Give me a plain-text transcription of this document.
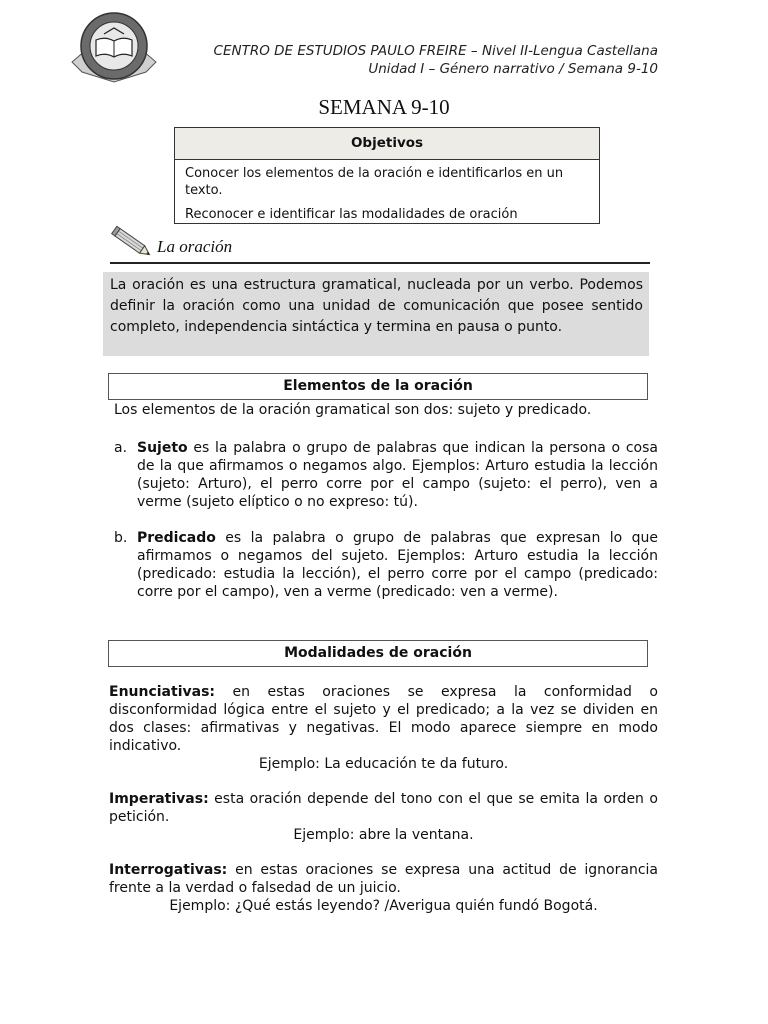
CENTRO DE ESTUDIOS PAULO FREIRE – Nivel II-Lengua Castellana
Unidad I – Género narrativo / Semana 9-10
SEMANA 9-10
Objetivos

Conocer los elementos de la oración e identificarlos en un texto.

Reconocer e identificar las modalidades de oración

La oración
La oración es una estructura gramatical, nucleada por un verbo. Podemos definir la oración como una unidad de comunicación que posee sentido completo, independencia sintáctica y termina en pausa o punto.
Elementos de la oración
Los elementos de la oración gramatical son dos: sujeto y predicado.
a. Sujeto es la palabra o grupo de palabras que indican la persona o cosa de la que afirmamos o negamos algo. Ejemplos: Arturo estudia la lección (sujeto: Arturo), el perro corre por el campo (sujeto: el perro), ven a verme (sujeto elíptico o no expreso: tú).
b. Predicado es la palabra o grupo de palabras que expresan lo que afirmamos o negamos del sujeto. Ejemplos: Arturo estudia la lección (predicado: estudia la lección), el perro corre por el campo (predicado: corre por el campo), ven a verme (predicado: ven a verme).
Modalidades de oración
Enunciativas: en estas oraciones se expresa la conformidad o disconformidad lógica entre el sujeto y el predicado; a la vez se dividen en dos clases: afirmativas y negativas. El modo aparece siempre en modo indicativo.
Ejemplo: La educación te da futuro.
Imperativas: esta oración depende del tono con el que se emita la orden o petición.
Ejemplo: abre la ventana.
Interrogativas: en estas oraciones se expresa una actitud de ignorancia frente a la verdad o falsedad de un juicio.
Ejemplo: ¿Qué estás leyendo? /Averigua quién fundó Bogotá.
